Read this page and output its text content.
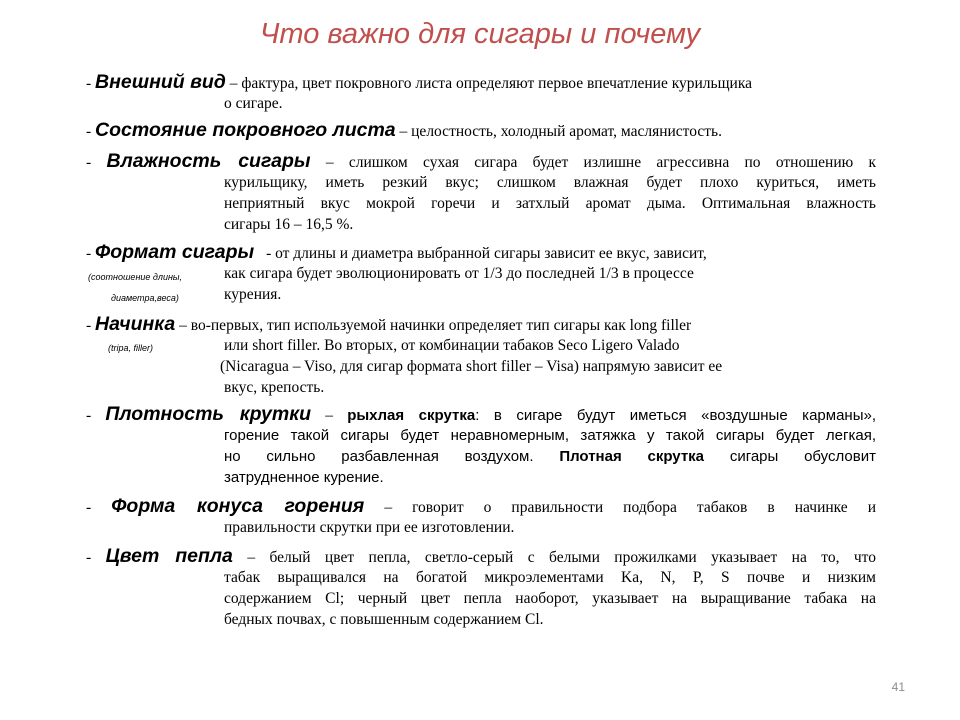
Что важно для сигары и почему
- Внешний вид – фактура, цвет покровного листа определяют первое впечатление курильщика
о сигаре.
- Состояние покровного листа – целостность, холодный аромат, маслянистость.
- Влажность сигары – слишком сухая сигара будет излишне агрессивна по отношению к
курильщику, иметь резкий вкус; слишком влажная будет плохо куриться, иметь
неприятный вкус мокрой горечи и затхлый аромат дыма. Оптимальная влажность
сигары 16 – 16,5 %.
- Формат сигары - от длины и диаметра выбранной сигары зависит ее вкус, зависит,
как сигара будет эволюционировать от 1/3 до последней 1/3 в процессе
курения.
(соотношение длины,
диаметра,веса)
- Начинка – во-первых, тип используемой начинки определяет тип сигары как long filler
или short filler. Во вторых, от комбинации табаков Seco Ligero Valado
(Nicaragua – Viso, для сигар формата short filler – Visa) напрямую зависит ее
вкус, крепость.
(tripa, filler)
- Плотность крутки – рыхлая скрутка: в сигаре будут иметься «воздушные карманы»,
горение такой сигары будет неравномерным, затяжка у такой сигары будет легкая,
но сильно разбавленная воздухом. Плотная скрутка сигары обусловит
затрудненное курение.
- Форма конуса горения – говорит о правильности подбора табаков в начинке и
правильности скрутки при ее изготовлении.
- Цвет пепла – белый цвет пепла, светло-серый с белыми прожилками указывает на то, что
табак выращивался на богатой микроэлементами Ka, N, P, S почве и низким
содержанием Cl; черный цвет пепла наоборот, указывает на выращивание табака на
бедных почвах, с повышенным содержанием Cl.
41
